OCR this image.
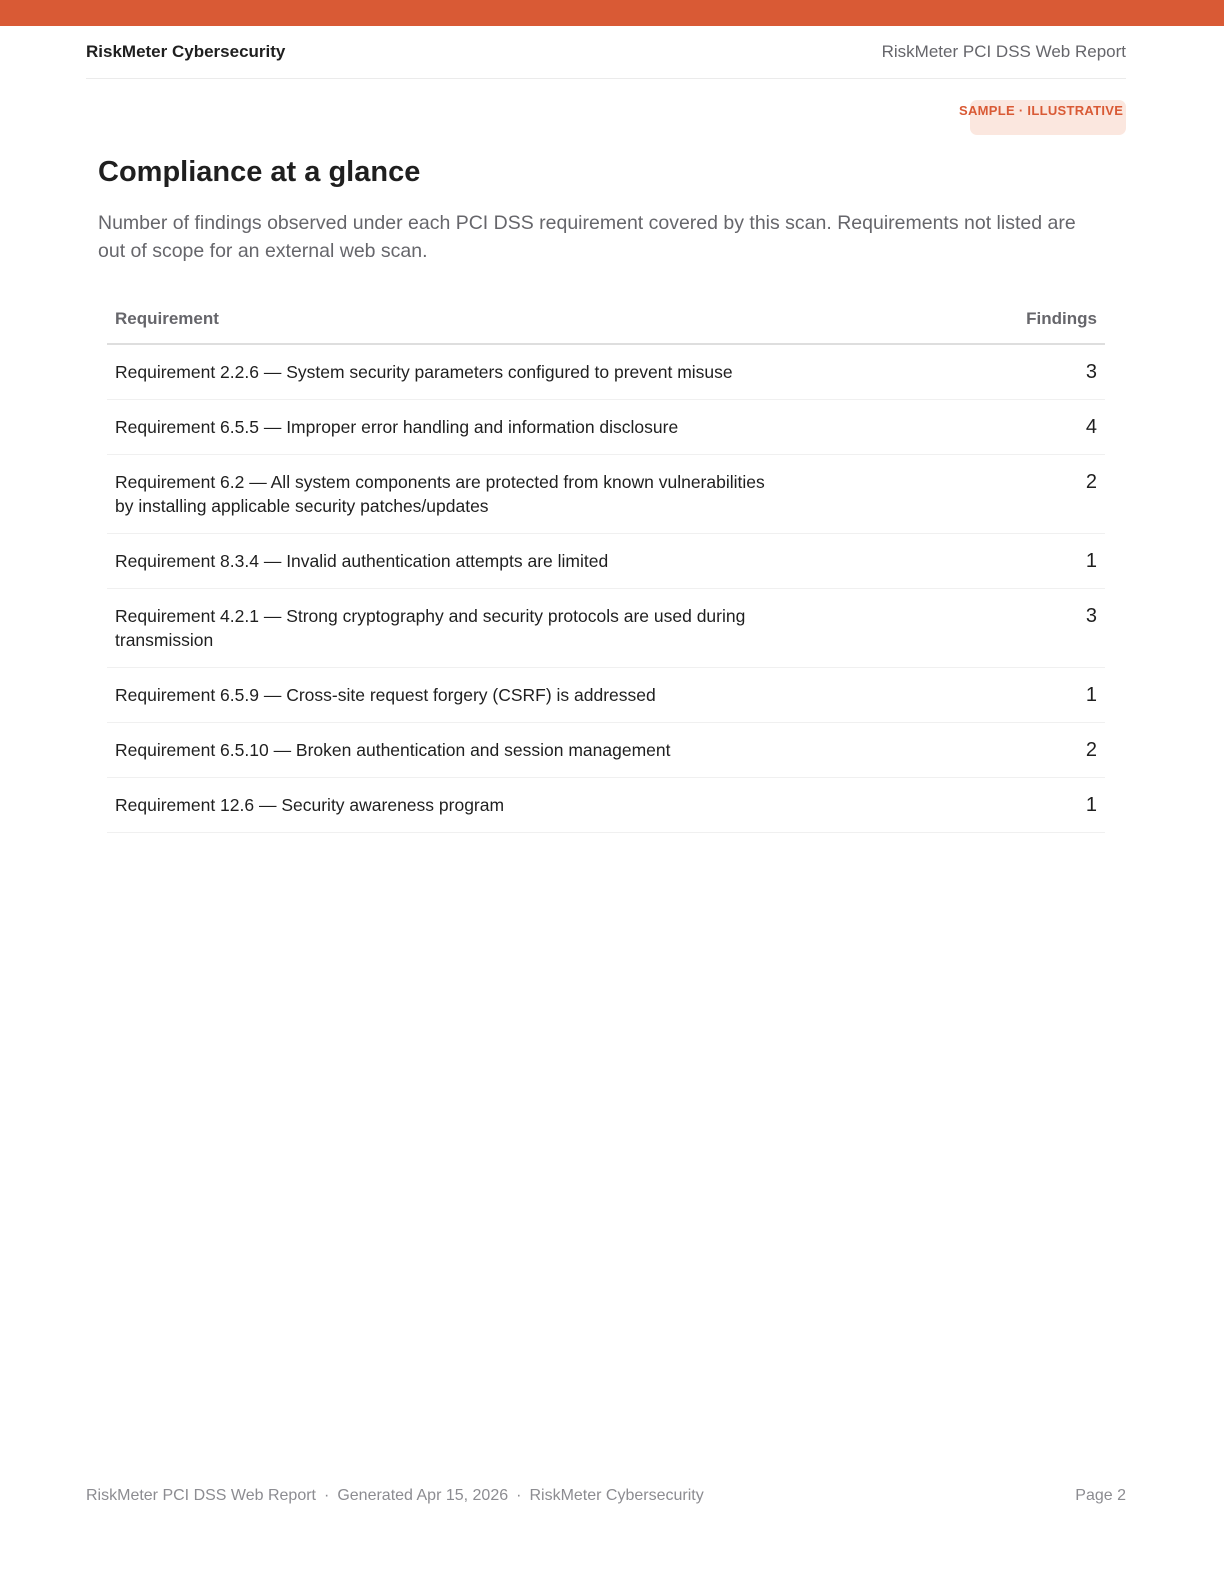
RiskMeter Cybersecurity	RiskMeter PCI DSS Web Report
SAMPLE · ILLUSTRATIVE
Compliance at a glance

Number of findings observed under each PCI DSS requirement covered by this scan. Requirements not listed are out of scope for an external web scan.

Requirement	Findings
Requirement 2.2.6 — System security parameters configured to prevent misuse	3
Requirement 6.5.5 — Improper error handling and information disclosure	4
Requirement 6.2 — All system components are protected from known vulnerabilities by installing applicable security patches/updates	2
Requirement 8.3.4 — Invalid authentication attempts are limited	1
Requirement 4.2.1 — Strong cryptography and security protocols are used during transmission	3
Requirement 6.5.9 — Cross-site request forgery (CSRF) is addressed	1
Requirement 6.5.10 — Broken authentication and session management	2
Requirement 12.6 — Security awareness program	1
RiskMeter PCI DSS Web Report · Generated Apr 15, 2026 · RiskMeter Cybersecurity	Page 2
